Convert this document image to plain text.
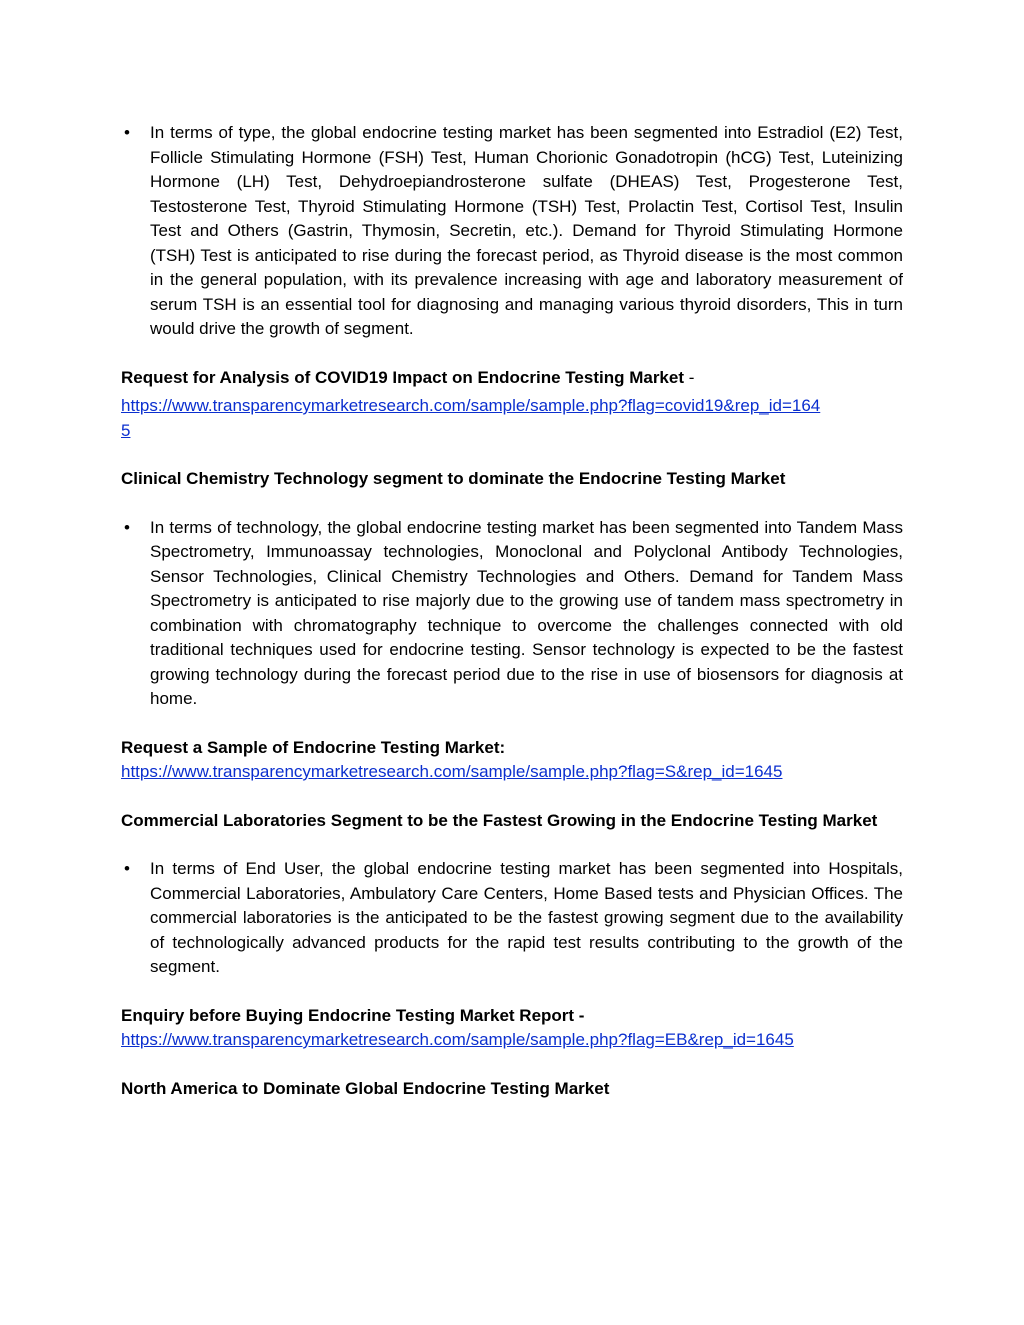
• In terms of type, the global endocrine testing market has been segmented into Estradiol (E2) Test, Follicle Stimulating Hormone (FSH) Test, Human Chorionic Gonadotropin (hCG) Test, Luteinizing Hormone (LH) Test, Dehydroepiandrosterone sulfate (DHEAS) Test, Progesterone Test, Testosterone Test, Thyroid Stimulating Hormone (TSH) Test, Prolactin Test, Cortisol Test, Insulin Test and Others (Gastrin, Thymosin, Secretin, etc.). Demand for Thyroid Stimulating Hormone (TSH) Test is anticipated to rise during the forecast period, as Thyroid disease is the most common in the general population, with its prevalence increasing with age and laboratory measurement of serum TSH is an essential tool for diagnosing and managing various thyroid disorders, This in turn would drive the growth of segment.
Request for Analysis of COVID19 Impact on Endocrine Testing Market -
https://www.transparencymarketresearch.com/sample/sample.php?flag=covid19&rep_id=164
5
Clinical Chemistry Technology segment to dominate the Endocrine Testing Market
• In terms of technology, the global endocrine testing market has been segmented into Tandem Mass Spectrometry, Immunoassay technologies, Monoclonal and Polyclonal Antibody Technologies, Sensor Technologies, Clinical Chemistry Technologies and Others. Demand for Tandem Mass Spectrometry is anticipated to rise majorly due to the growing use of tandem mass spectrometry in combination with chromatography technique to overcome the challenges connected with old traditional techniques used for endocrine testing. Sensor technology is expected to be the fastest growing technology during the forecast period due to the rise in use of biosensors for diagnosis at home.
Request a Sample of Endocrine Testing Market:
https://www.transparencymarketresearch.com/sample/sample.php?flag=S&rep_id=1645
Commercial Laboratories Segment to be the Fastest Growing in the Endocrine Testing Market
• In terms of End User, the global endocrine testing market has been segmented into Hospitals, Commercial Laboratories, Ambulatory Care Centers, Home Based tests and Physician Offices. The commercial laboratories is the anticipated to be the fastest growing segment due to the availability of technologically advanced products for the rapid test results contributing to the growth of the segment.
Enquiry before Buying Endocrine Testing Market Report -
https://www.transparencymarketresearch.com/sample/sample.php?flag=EB&rep_id=1645
North America to Dominate Global Endocrine Testing Market
